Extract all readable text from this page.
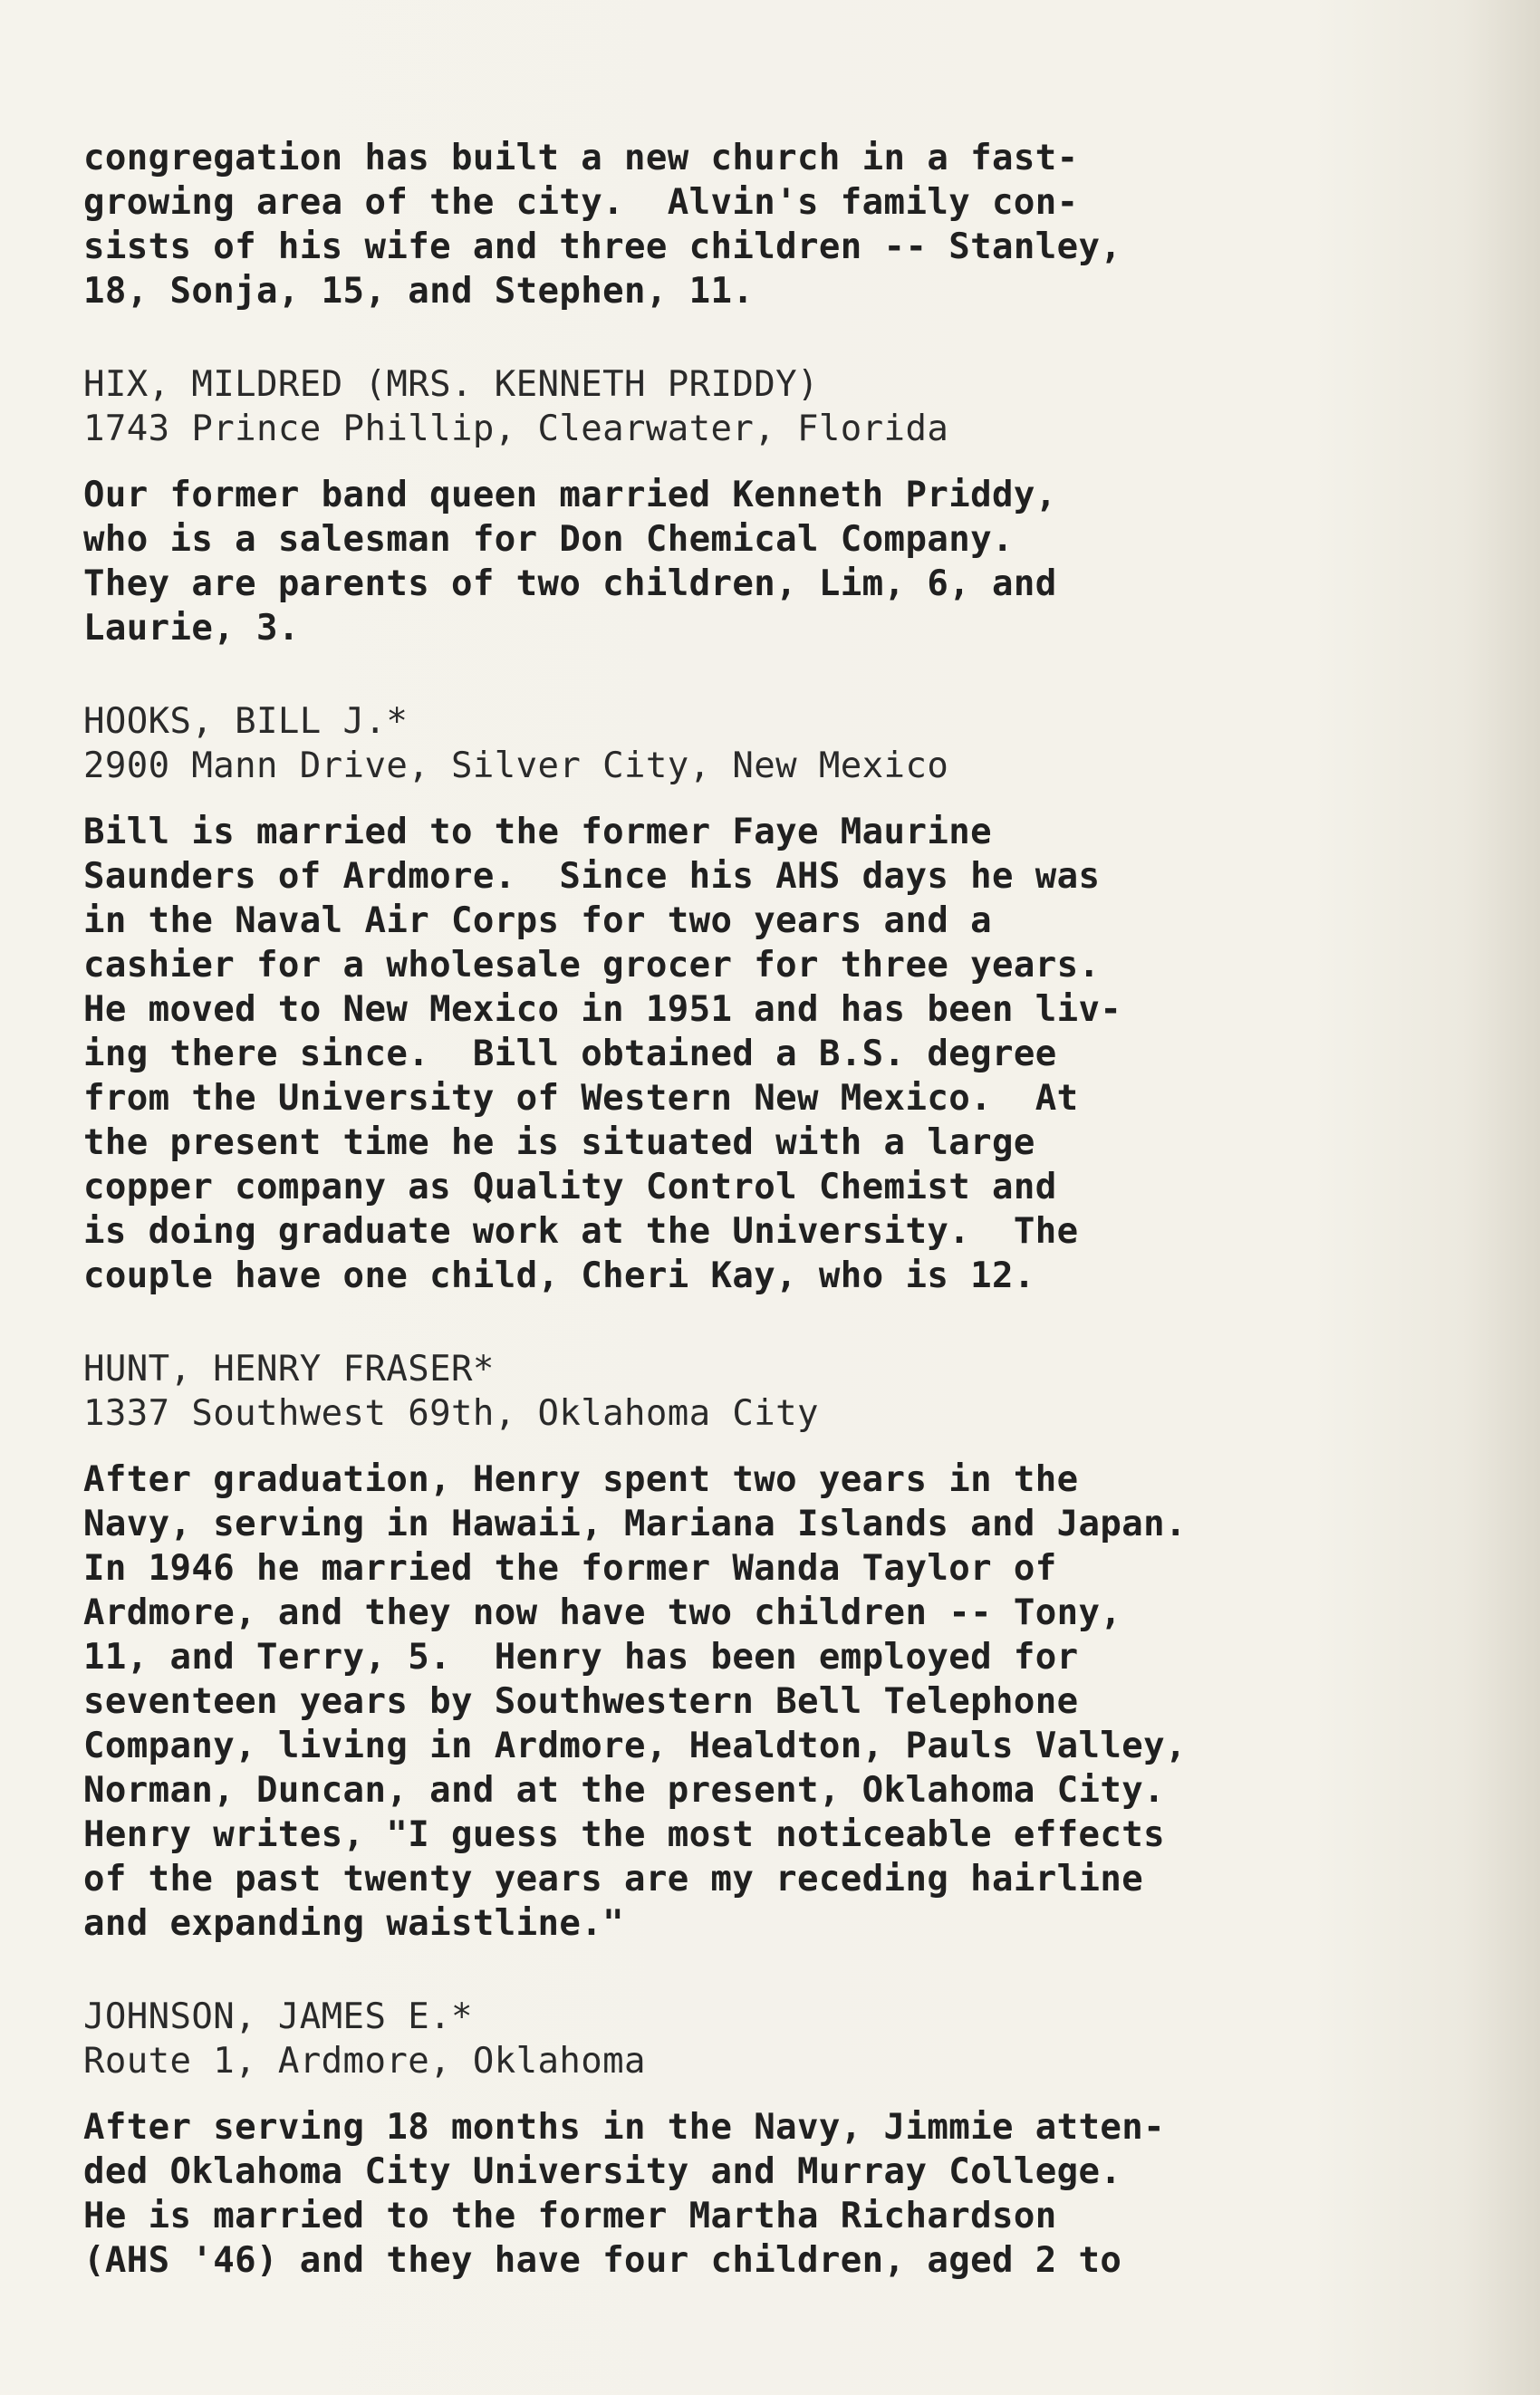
congregation has built a new church in a fast-

growing area of the city.  Alvin's family con-

sists of his wife and three children -- Stanley,

18, Sonja, 15, and Stephen, 11.

HIX, MILDRED (MRS. KENNETH PRIDDY)

1743 Prince Phillip, Clearwater, Florida

Our former band queen married Kenneth Priddy,

who is a salesman for Don Chemical Company.

They are parents of two children, Lim, 6, and

Laurie, 3.

HOOKS, BILL J.*

2900 Mann Drive, Silver City, New Mexico

Bill is married to the former Faye Maurine

Saunders of Ardmore.  Since his AHS days he was

in the Naval Air Corps for two years and a

cashier for a wholesale grocer for three years.

He moved to New Mexico in 1951 and has been liv-

ing there since.  Bill obtained a B.S. degree

from the University of Western New Mexico.  At

the present time he is situated with a large

copper company as Quality Control Chemist and

is doing graduate work at the University.  The

couple have one child, Cheri Kay, who is 12.

HUNT, HENRY FRASER*

1337 Southwest 69th, Oklahoma City

After graduation, Henry spent two years in the

Navy, serving in Hawaii, Mariana Islands and Japan.

In 1946 he married the former Wanda Taylor of

Ardmore, and they now have two children -- Tony,

11, and Terry, 5.  Henry has been employed for

seventeen years by Southwestern Bell Telephone

Company, living in Ardmore, Healdton, Pauls Valley,

Norman, Duncan, and at the present, Oklahoma City.

Henry writes, "I guess the most noticeable effects

of the past twenty years are my receding hairline

and expanding waistline."

JOHNSON, JAMES E.*

Route 1, Ardmore, Oklahoma

After serving 18 months in the Navy, Jimmie atten-

ded Oklahoma City University and Murray College.

He is married to the former Martha Richardson

(AHS '46) and they have four children, aged 2 to
